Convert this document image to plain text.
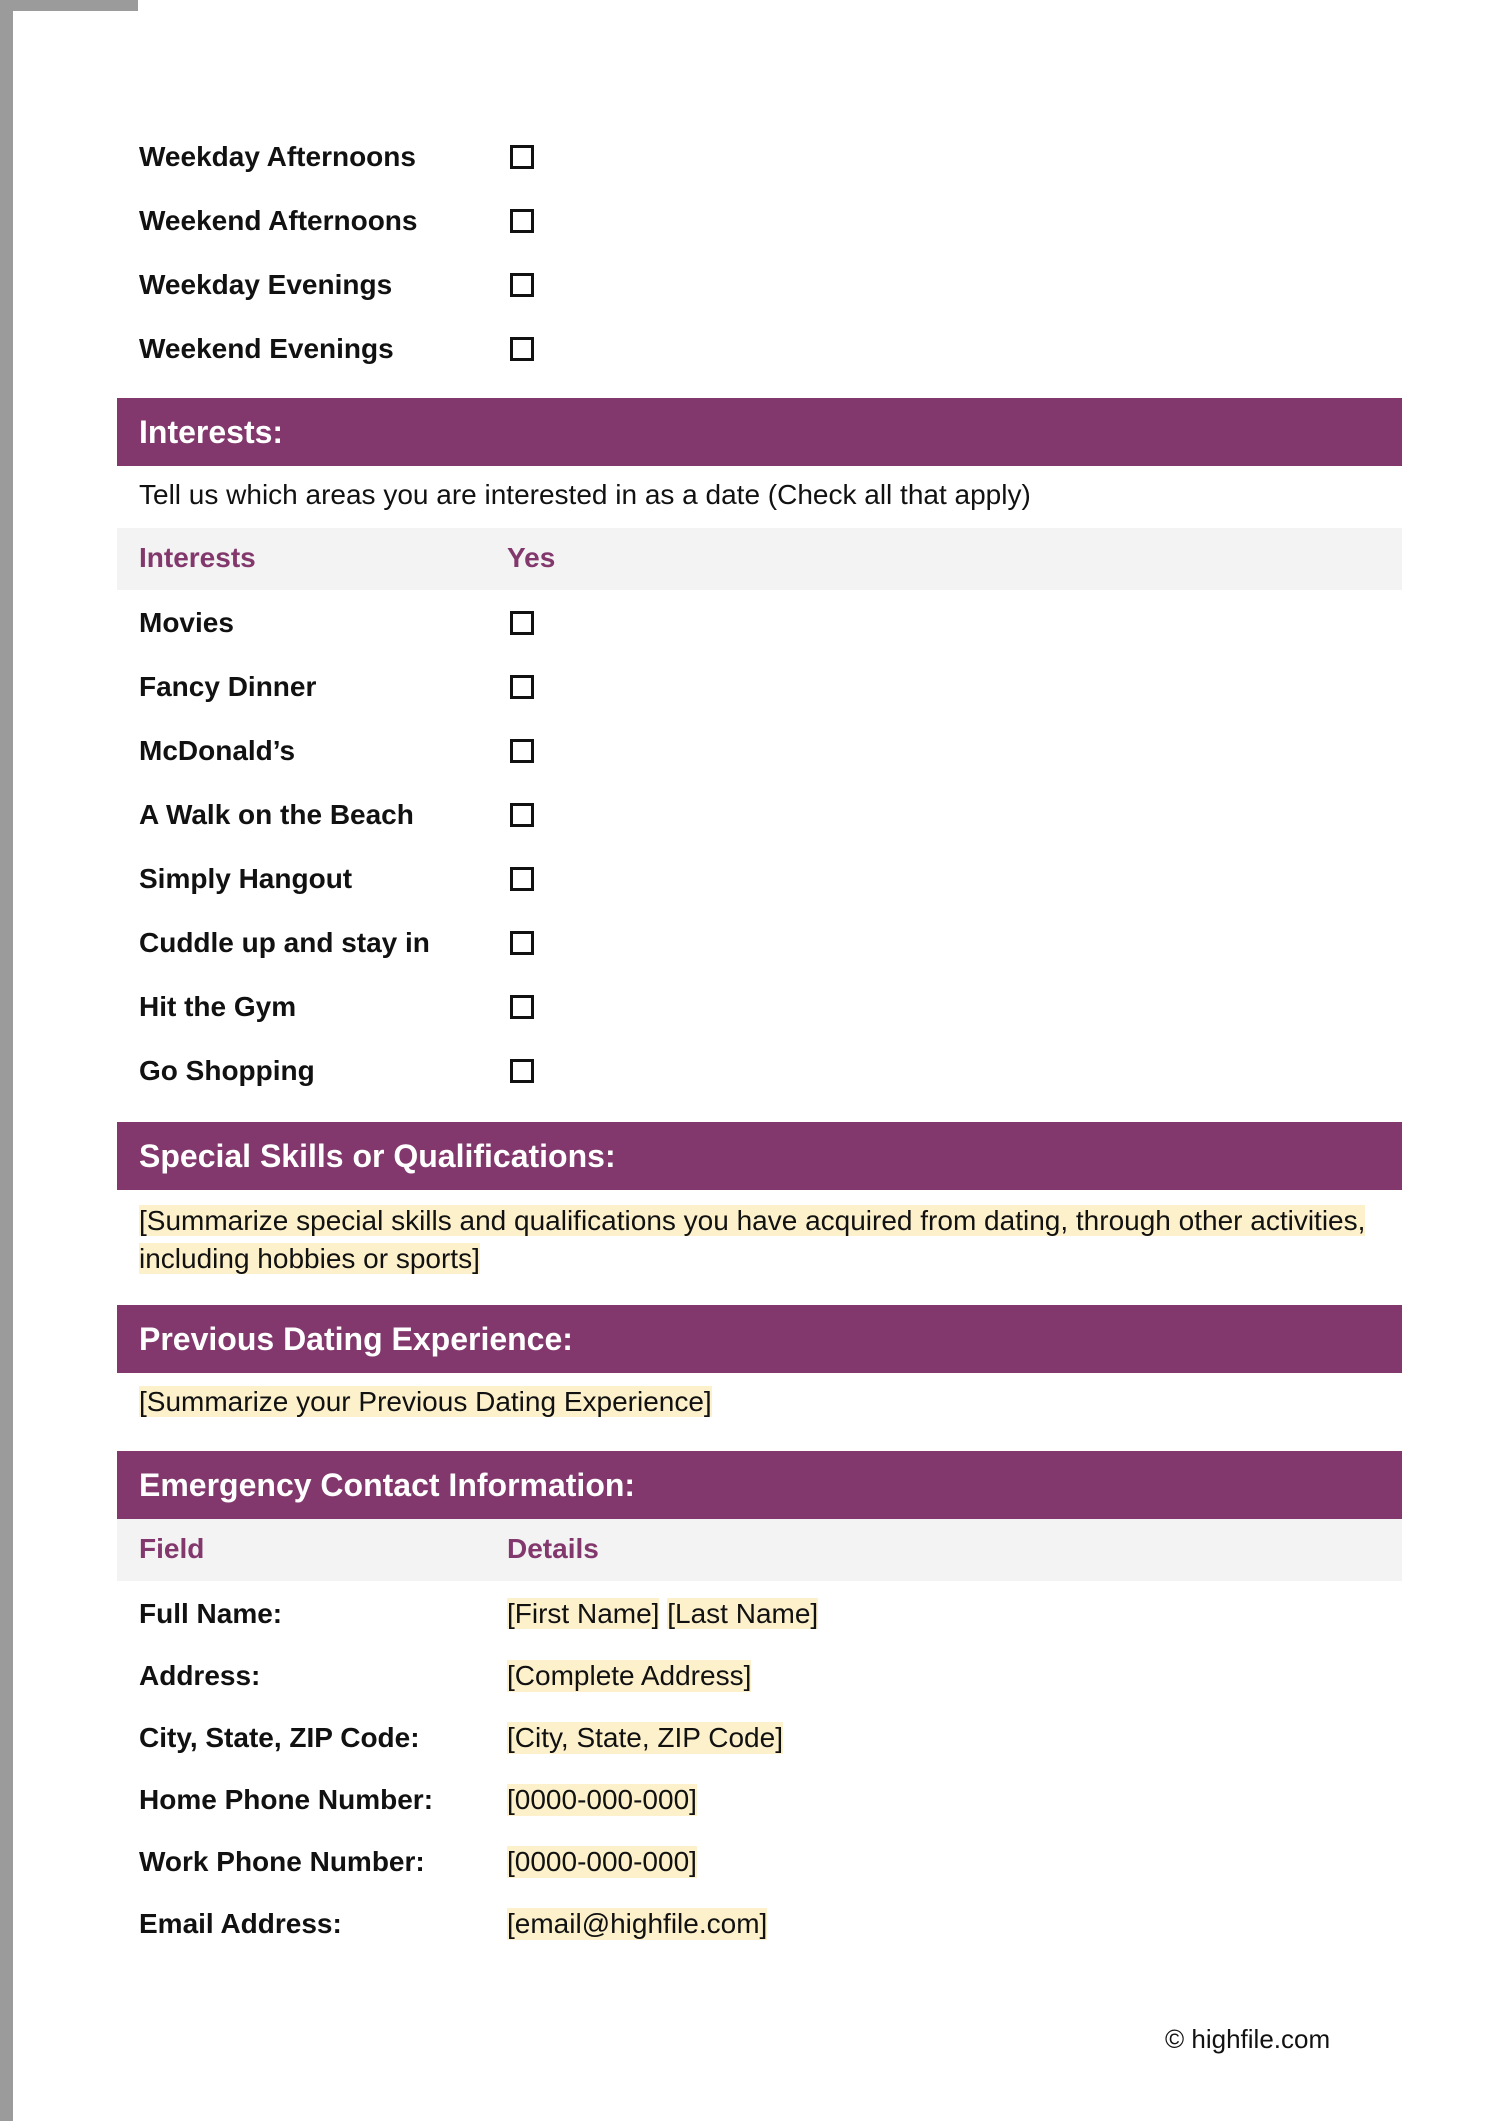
Weekday Afternoons
Weekend Afternoons
Weekday Evenings
Weekend Evenings
Interests:
Tell us which areas you are interested in as a date (Check all that apply)
Interests	Yes
Movies
Fancy Dinner
McDonald’s
A Walk on the Beach
Simply Hangout
Cuddle up and stay in
Hit the Gym
Go Shopping
Special Skills or Qualifications:
[Summarize special skills and qualifications you have acquired from dating, through other activities,
including hobbies or sports]
Previous Dating Experience:
[Summarize your Previous Dating Experience]
Emergency Contact Information:
Field	Details
Full Name:	[First Name] [Last Name]
Address:	[Complete Address]
City, State, ZIP Code:	[City, State, ZIP Code]
Home Phone Number:	[0000-000-000]
Work Phone Number:	[0000-000-000]
Email Address:	[email@highfile.com]
© highfile.com
